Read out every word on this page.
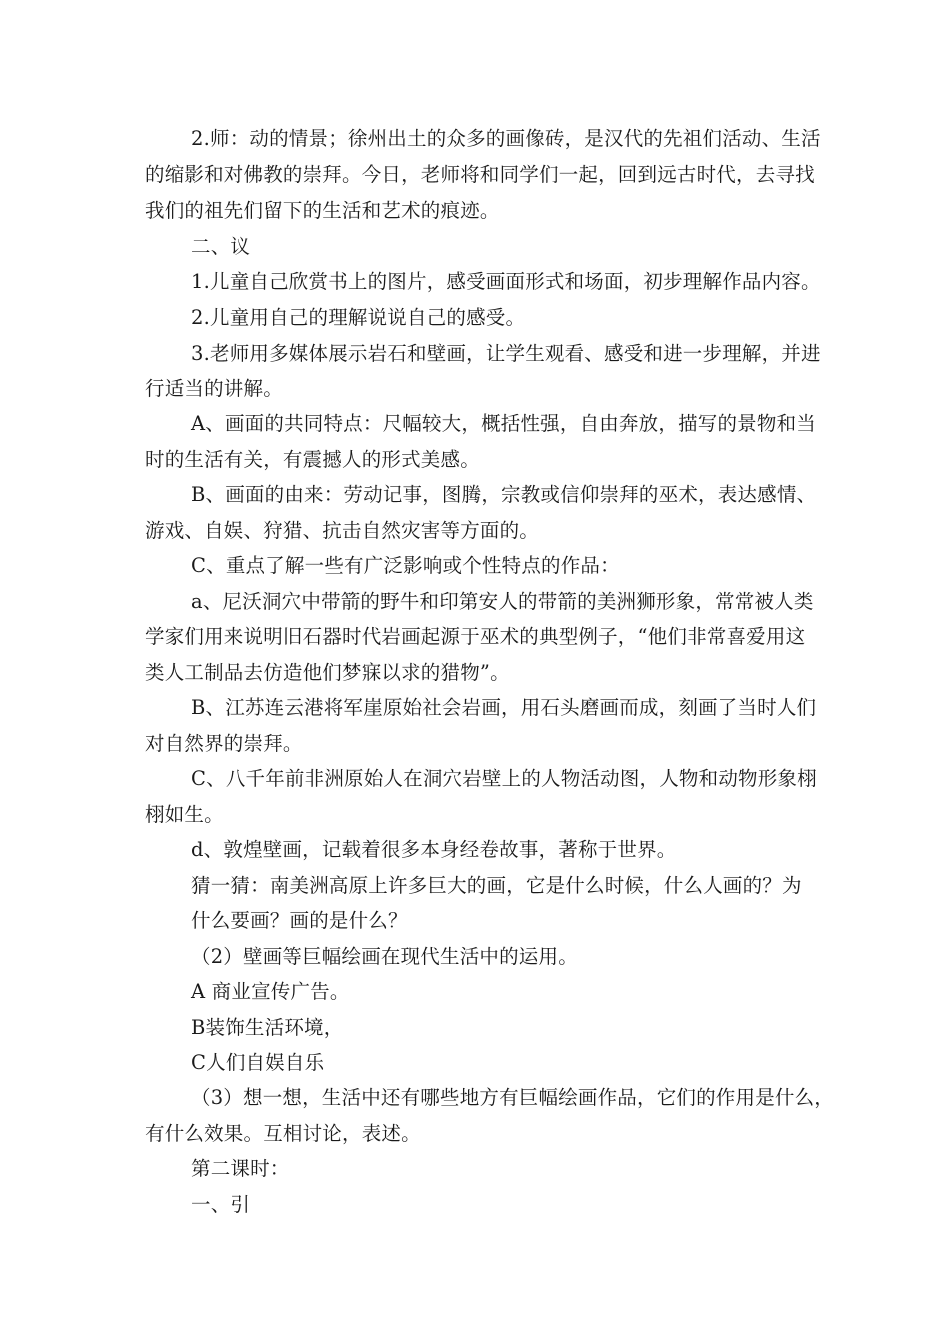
2.师：动的情景；徐州出土的众多的画像砖，是汉代的先祖们活动、生活
的缩影和对佛教的崇拜。今日，老师将和同学们一起，回到远古时代，去寻找
我们的祖先们留下的生活和艺术的痕迹。
二、议
1.儿童自己欣赏书上的图片，感受画面形式和场面，初步理解作品内容。
2.儿童用自己的理解说说自己的感受。
3.老师用多媒体展示岩石和壁画，让学生观看、感受和进一步理解，并进
行适当的讲解。
A、画面的共同特点：尺幅较大，概括性强，自由奔放，描写的景物和当
时的生活有关，有震撼人的形式美感。
B、画面的由来：劳动记事，图腾，宗教或信仰崇拜的巫术，表达感情、
游戏、自娱、狩猎、抗击自然灾害等方面的。
C、重点了解一些有广泛影响或个性特点的作品：
a、尼沃洞穴中带箭的野牛和印第安人的带箭的美洲狮形象，常常被人类
学家们用来说明旧石器时代岩画起源于巫术的典型例子，“他们非常喜爱用这
类人工制品去仿造他们梦寐以求的猎物”。
B、江苏连云港将军崖原始社会岩画，用石头磨画而成，刻画了当时人们
对自然界的崇拜。
C、八千年前非洲原始人在洞穴岩壁上的人物活动图，人物和动物形象栩
栩如生。
d、敦煌壁画，记载着很多本身经卷故事，著称于世界。
猜一猜：南美洲高原上许多巨大的画，它是什么时候，什么人画的？为
什么要画？画的是什么？
（2）壁画等巨幅绘画在现代生活中的运用。
A 商业宣传广告。
B装饰生活环境，
C人们自娱自乐
（3）想一想，生活中还有哪些地方有巨幅绘画作品，它们的作用是什么，
有什么效果。互相讨论，表述。
第二课时：
一、引
